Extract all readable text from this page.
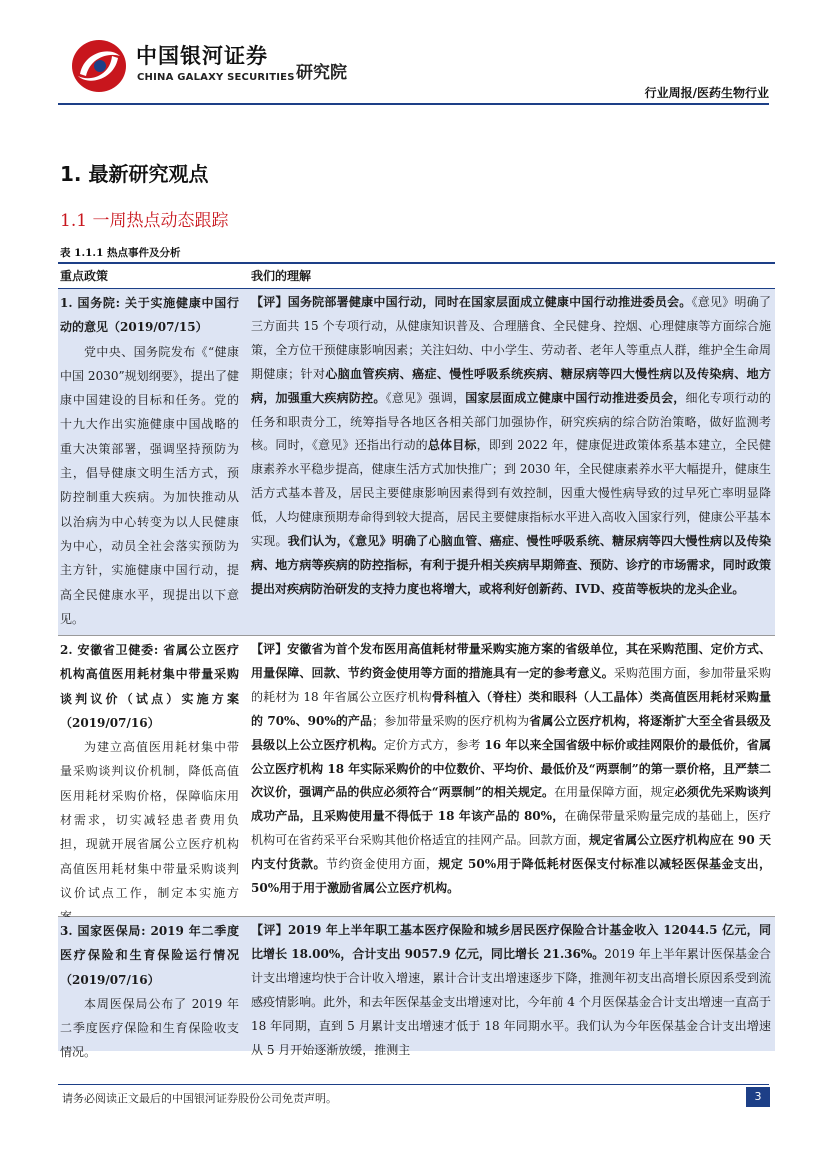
中国银河证券
CHINA GALAXY SECURITIES 研究院
行业周报/医药生物行业
1. 最新研究观点
1.1 一周热点动态跟踪
表 1.1.1 热点事件及分析
重点政策	我们的理解
1. 国务院: 关于实施健康中国行动的意见（2019/07/15）
党中央、国务院发布《“健康中国 2030”规划纲要》，提出了健康中国建设的目标和任务。党的十九大作出实施健康中国战略的重大决策部署，强调坚持预防为主，倡导健康文明生活方式，预防控制重大疾病。为加快推动从以治病为中心转变为以人民健康为中心，动员全社会落实预防为主方针，实施健康中国行动，提高全民健康水平，现提出以下意见。
【评】国务院部署健康中国行动，同时在国家层面成立健康中国行动推进委员会。《意见》明确了三方面共 15 个专项行动，从健康知识普及、合理膳食、全民健身、控烟、心理健康等方面综合施策，全方位干预健康影响因素；关注妇幼、中小学生、劳动者、老年人等重点人群，维护全生命周期健康；针对心脑血管疾病、癌症、慢性呼吸系统疾病、糖尿病等四大慢性病以及传染病、地方病，加强重大疾病防控。《意见》强调，国家层面成立健康中国行动推进委员会，细化专项行动的任务和职责分工，统筹指导各地区各相关部门加强协作，研究疾病的综合防治策略，做好监测考核。同时，《意见》还指出行动的总体目标，即到 2022 年，健康促进政策体系基本建立，全民健康素养水平稳步提高，健康生活方式加快推广；到 2030 年，全民健康素养水平大幅提升，健康生活方式基本普及，居民主要健康影响因素得到有效控制，因重大慢性病导致的过早死亡率明显降低，人均健康预期寿命得到较大提高，居民主要健康指标水平进入高收入国家行列，健康公平基本实现。我们认为，《意见》明确了心脑血管、癌症、慢性呼吸系统、糖尿病等四大慢性病以及传染病、地方病等疾病的防控指标，有利于提升相关疾病早期筛查、预防、诊疗的市场需求，同时政策提出对疾病防治研发的支持力度也将增大，或将利好创新药、IVD、疫苗等板块的龙头企业。
2. 安徽省卫健委: 省属公立医疗机构高值医用耗材集中带量采购谈判议价（试点）实施方案（2019/07/16）
为建立高值医用耗材集中带量采购谈判议价机制，降低高值医用耗材采购价格，保障临床用材需求，切实减轻患者费用负担，现就开展省属公立医疗机构高值医用耗材集中带量采购谈判议价试点工作，制定本实施方
【评】安徽省为首个发布医用高值耗材带量采购实施方案的省级单位，其在采购范围、定价方式、用量保障、回款、节约资金使用等方面的措施具有一定的参考意义。采购范围方面，参加带量采购的耗材为 18 年省属公立医疗机构骨科植入（脊柱）类和眼科（人工晶体）类高值医用耗材采购量的 70%、90%的产品；参加带量采购的医疗机构为省属公立医疗机构，将逐渐扩大至全省县级及县级以上公立医疗机构。定价方式方，参考 16 年以来全国省级中标价或挂网限价的最低价，省属公立医疗机构 18 年实际采购价的中位数价、平均价、最低价及“两票制”的第一票价格，且严禁二次议价，强调产品的供应必须符合“两票制”的相关规定。在用量保障方面，规定必须优先采购谈判成功产品，且采购使用量不得低于 18 年该产品的 80%，在确保带量采购量完成的基础上，医疗机构可在省药采平台采购其他价格适宜的挂网产品。回款方面，规定省属公立医疗机构应在 90 天内支付货款。节约资金使用方面，规定 50%用于降低耗材医保支付标准以减轻医保基金支出，50%用于用于激励省属公立医疗机构。
3. 国家医保局: 2019 年二季度医疗保险和生育保险运行情况（2019/07/16）
本周医保局公布了 2019 年二季度医疗保险和生育保险收支情况。
【评】2019 年上半年职工基本医疗保险和城乡居民医疗保险合计基金收入 12044.5 亿元，同比增长 18.00%，合计支出 9057.9 亿元，同比增长 21.36%。2019 年上半年累计医保基金合计支出增速均快于合计收入增速，累计合计支出增速逐步下降，推测年初支出高增长原因系受到流感疫情影响。此外，和去年医保基金支出增速对比，今年前 4 个月医保基金合计支出增速一直高于 18 年同期，直到 5 月累计支出增速才低于 18 年同期水平。我们认为今年医保基金合计支出增速从 5 月开始逐渐放缓，推测主
请务必阅读正文最后的中国银河证券股份公司免责声明。	3
